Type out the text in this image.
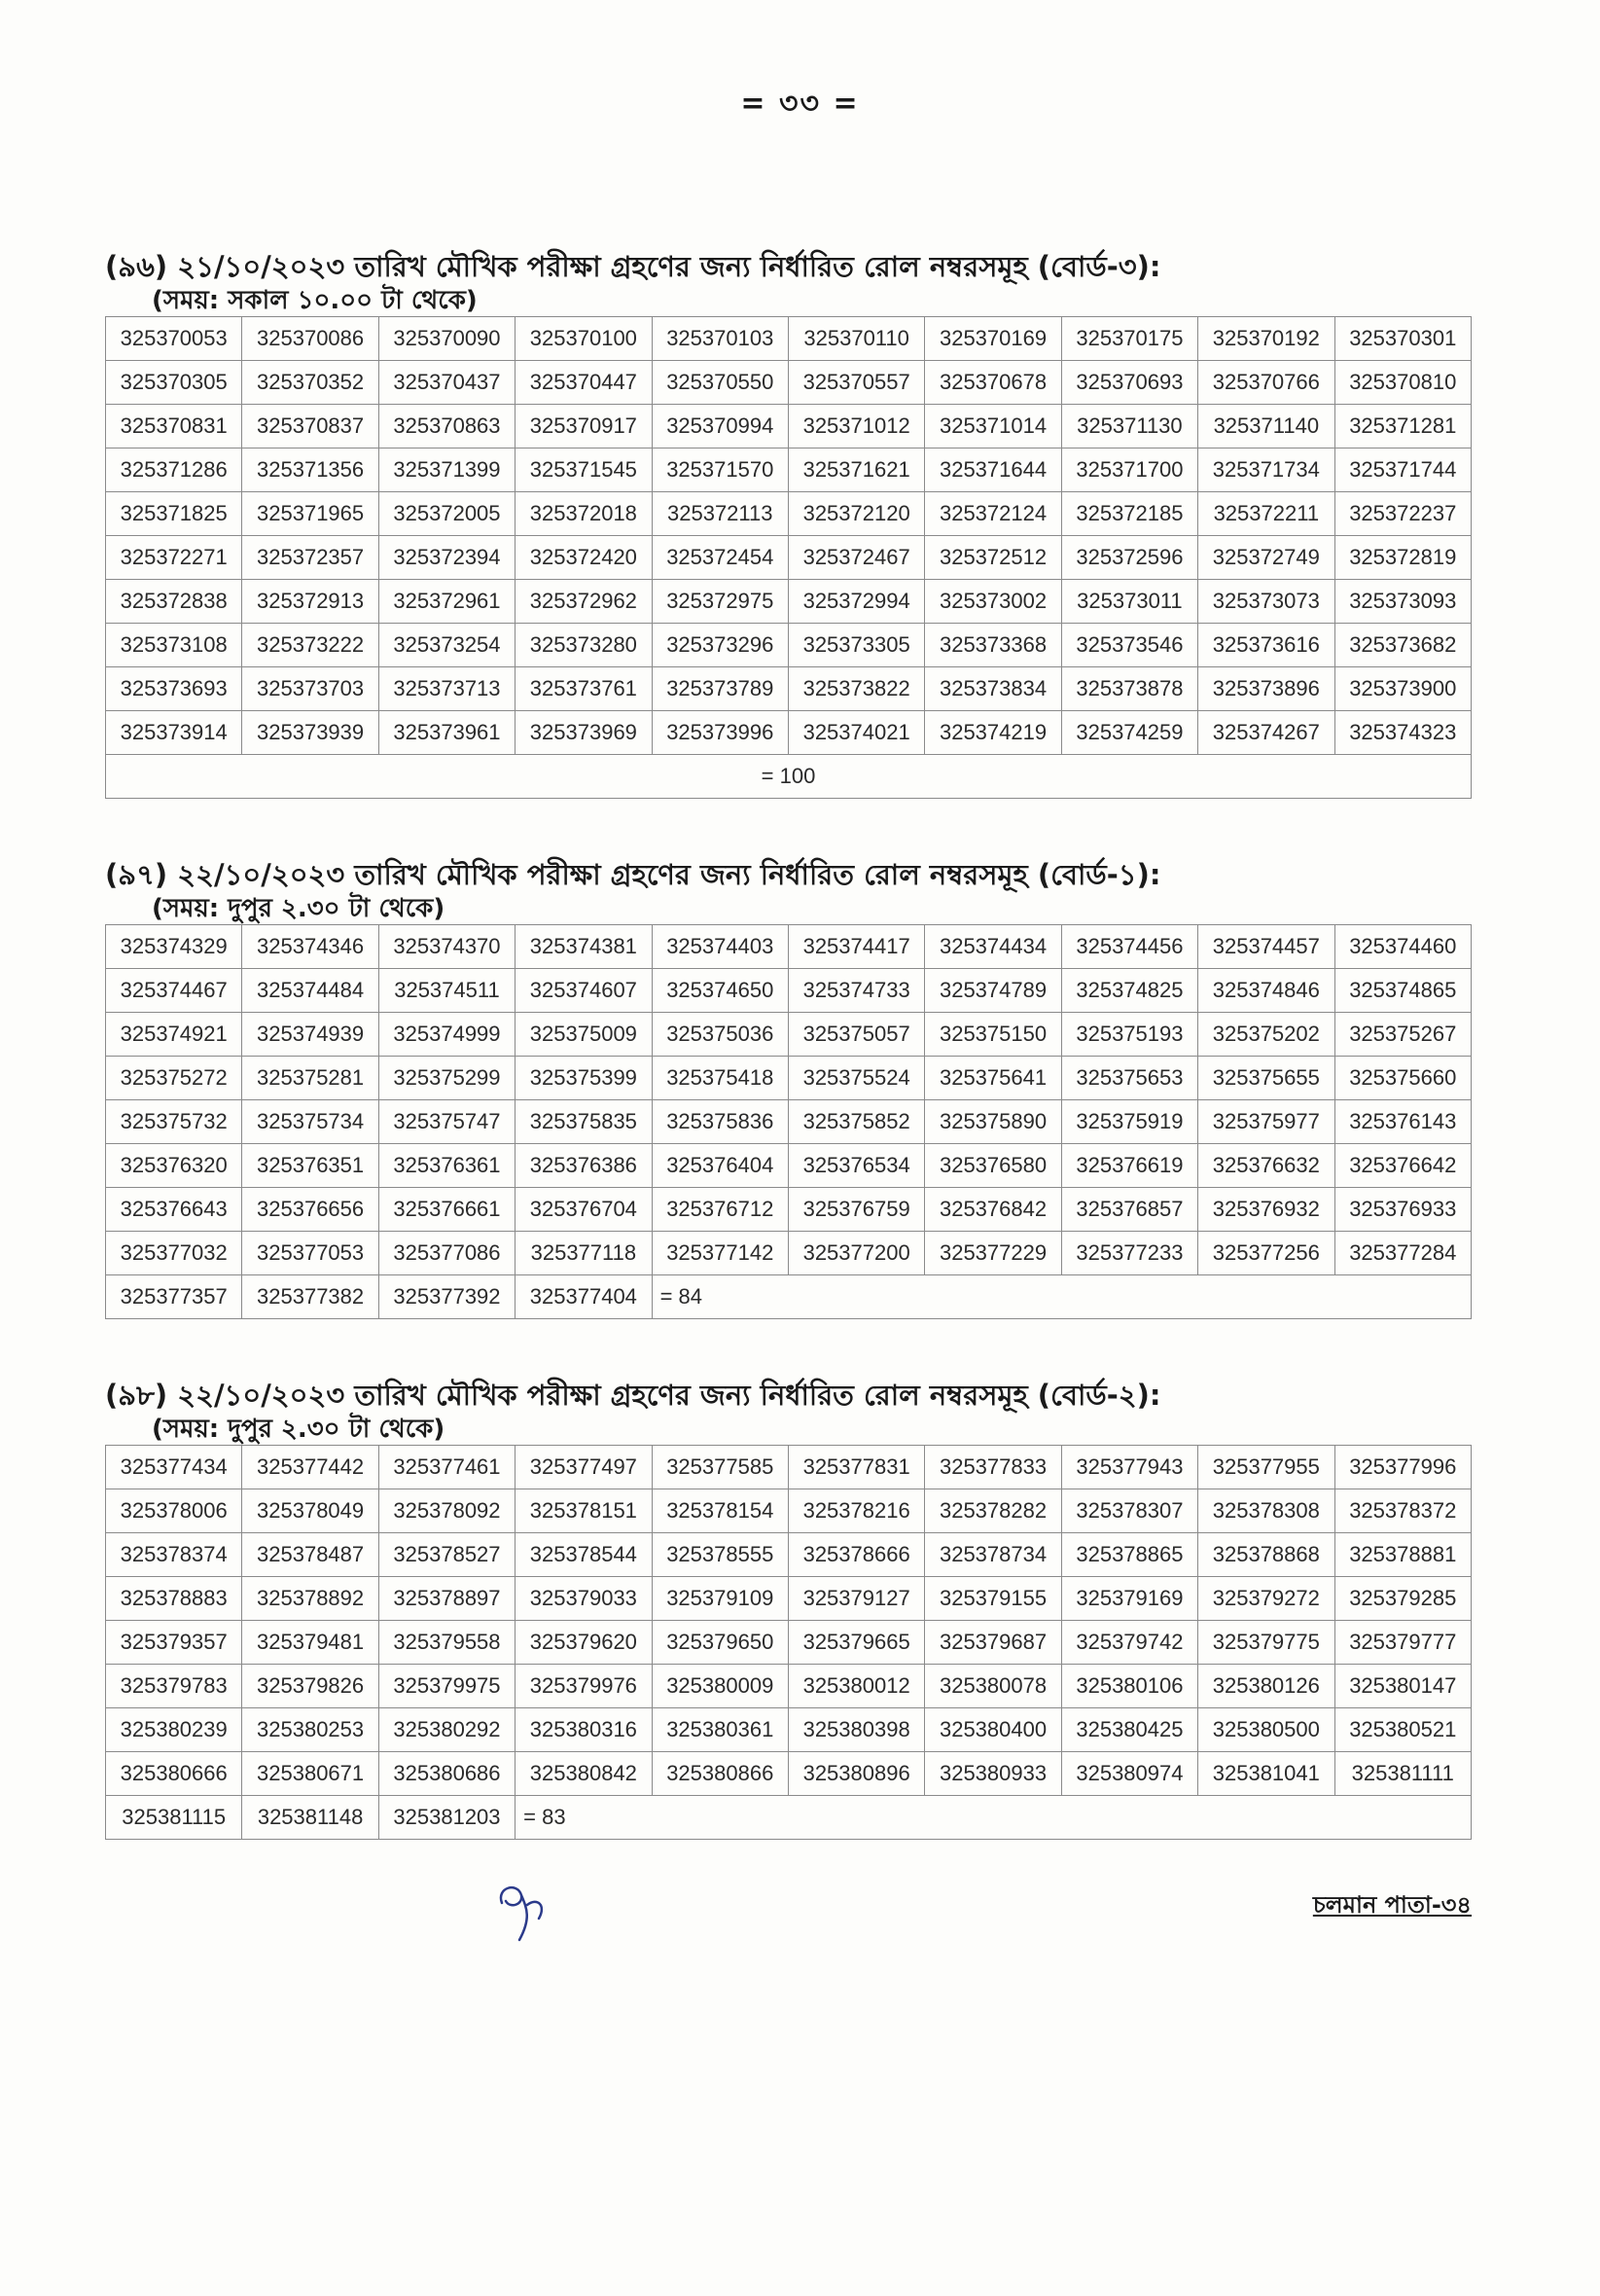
= ৩৩ =

(৯৬) ২১/১০/২০২৩ তারিখ মৌখিক পরীক্ষা গ্রহণের জন্য নির্ধারিত রোল নম্বরসমূহ (বোর্ড-৩):

(সময়: সকাল ১০.০০ টা থেকে)

325370053	325370086	325370090	325370100	325370103	325370110	325370169	325370175	325370192	325370301
325370305	325370352	325370437	325370447	325370550	325370557	325370678	325370693	325370766	325370810
325370831	325370837	325370863	325370917	325370994	325371012	325371014	325371130	325371140	325371281
325371286	325371356	325371399	325371545	325371570	325371621	325371644	325371700	325371734	325371744
325371825	325371965	325372005	325372018	325372113	325372120	325372124	325372185	325372211	325372237
325372271	325372357	325372394	325372420	325372454	325372467	325372512	325372596	325372749	325372819
325372838	325372913	325372961	325372962	325372975	325372994	325373002	325373011	325373073	325373093
325373108	325373222	325373254	325373280	325373296	325373305	325373368	325373546	325373616	325373682
325373693	325373703	325373713	325373761	325373789	325373822	325373834	325373878	325373896	325373900
325373914	325373939	325373961	325373969	325373996	325374021	325374219	325374259	325374267	325374323
= 100									

(৯৭) ২২/১০/২০২৩ তারিখ মৌখিক পরীক্ষা গ্রহণের জন্য নির্ধারিত রোল নম্বরসমূহ (বোর্ড-১):

(সময়: দুপুর ২.৩০ টা থেকে)

325374329	325374346	325374370	325374381	325374403	325374417	325374434	325374456	325374457	325374460
325374467	325374484	325374511	325374607	325374650	325374733	325374789	325374825	325374846	325374865
325374921	325374939	325374999	325375009	325375036	325375057	325375150	325375193	325375202	325375267
325375272	325375281	325375299	325375399	325375418	325375524	325375641	325375653	325375655	325375660
325375732	325375734	325375747	325375835	325375836	325375852	325375890	325375919	325375977	325376143
325376320	325376351	325376361	325376386	325376404	325376534	325376580	325376619	325376632	325376642
325376643	325376656	325376661	325376704	325376712	325376759	325376842	325376857	325376932	325376933
325377032	325377053	325377086	325377118	325377142	325377200	325377229	325377233	325377256	325377284
325377357	325377382	325377392	325377404	= 84					

(৯৮) ২২/১০/২০২৩ তারিখ মৌখিক পরীক্ষা গ্রহণের জন্য নির্ধারিত রোল নম্বরসমূহ (বোর্ড-২):

(সময়: দুপুর ২.৩০ টা থেকে)

325377434	325377442	325377461	325377497	325377585	325377831	325377833	325377943	325377955	325377996
325378006	325378049	325378092	325378151	325378154	325378216	325378282	325378307	325378308	325378372
325378374	325378487	325378527	325378544	325378555	325378666	325378734	325378865	325378868	325378881
325378883	325378892	325378897	325379033	325379109	325379127	325379155	325379169	325379272	325379285
325379357	325379481	325379558	325379620	325379650	325379665	325379687	325379742	325379775	325379777
325379783	325379826	325379975	325379976	325380009	325380012	325380078	325380106	325380126	325380147
325380239	325380253	325380292	325380316	325380361	325380398	325380400	325380425	325380500	325380521
325380666	325380671	325380686	325380842	325380866	325380896	325380933	325380974	325381041	325381111
325381115	325381148	325381203	= 83						
চলমান পাতা-৩৪
